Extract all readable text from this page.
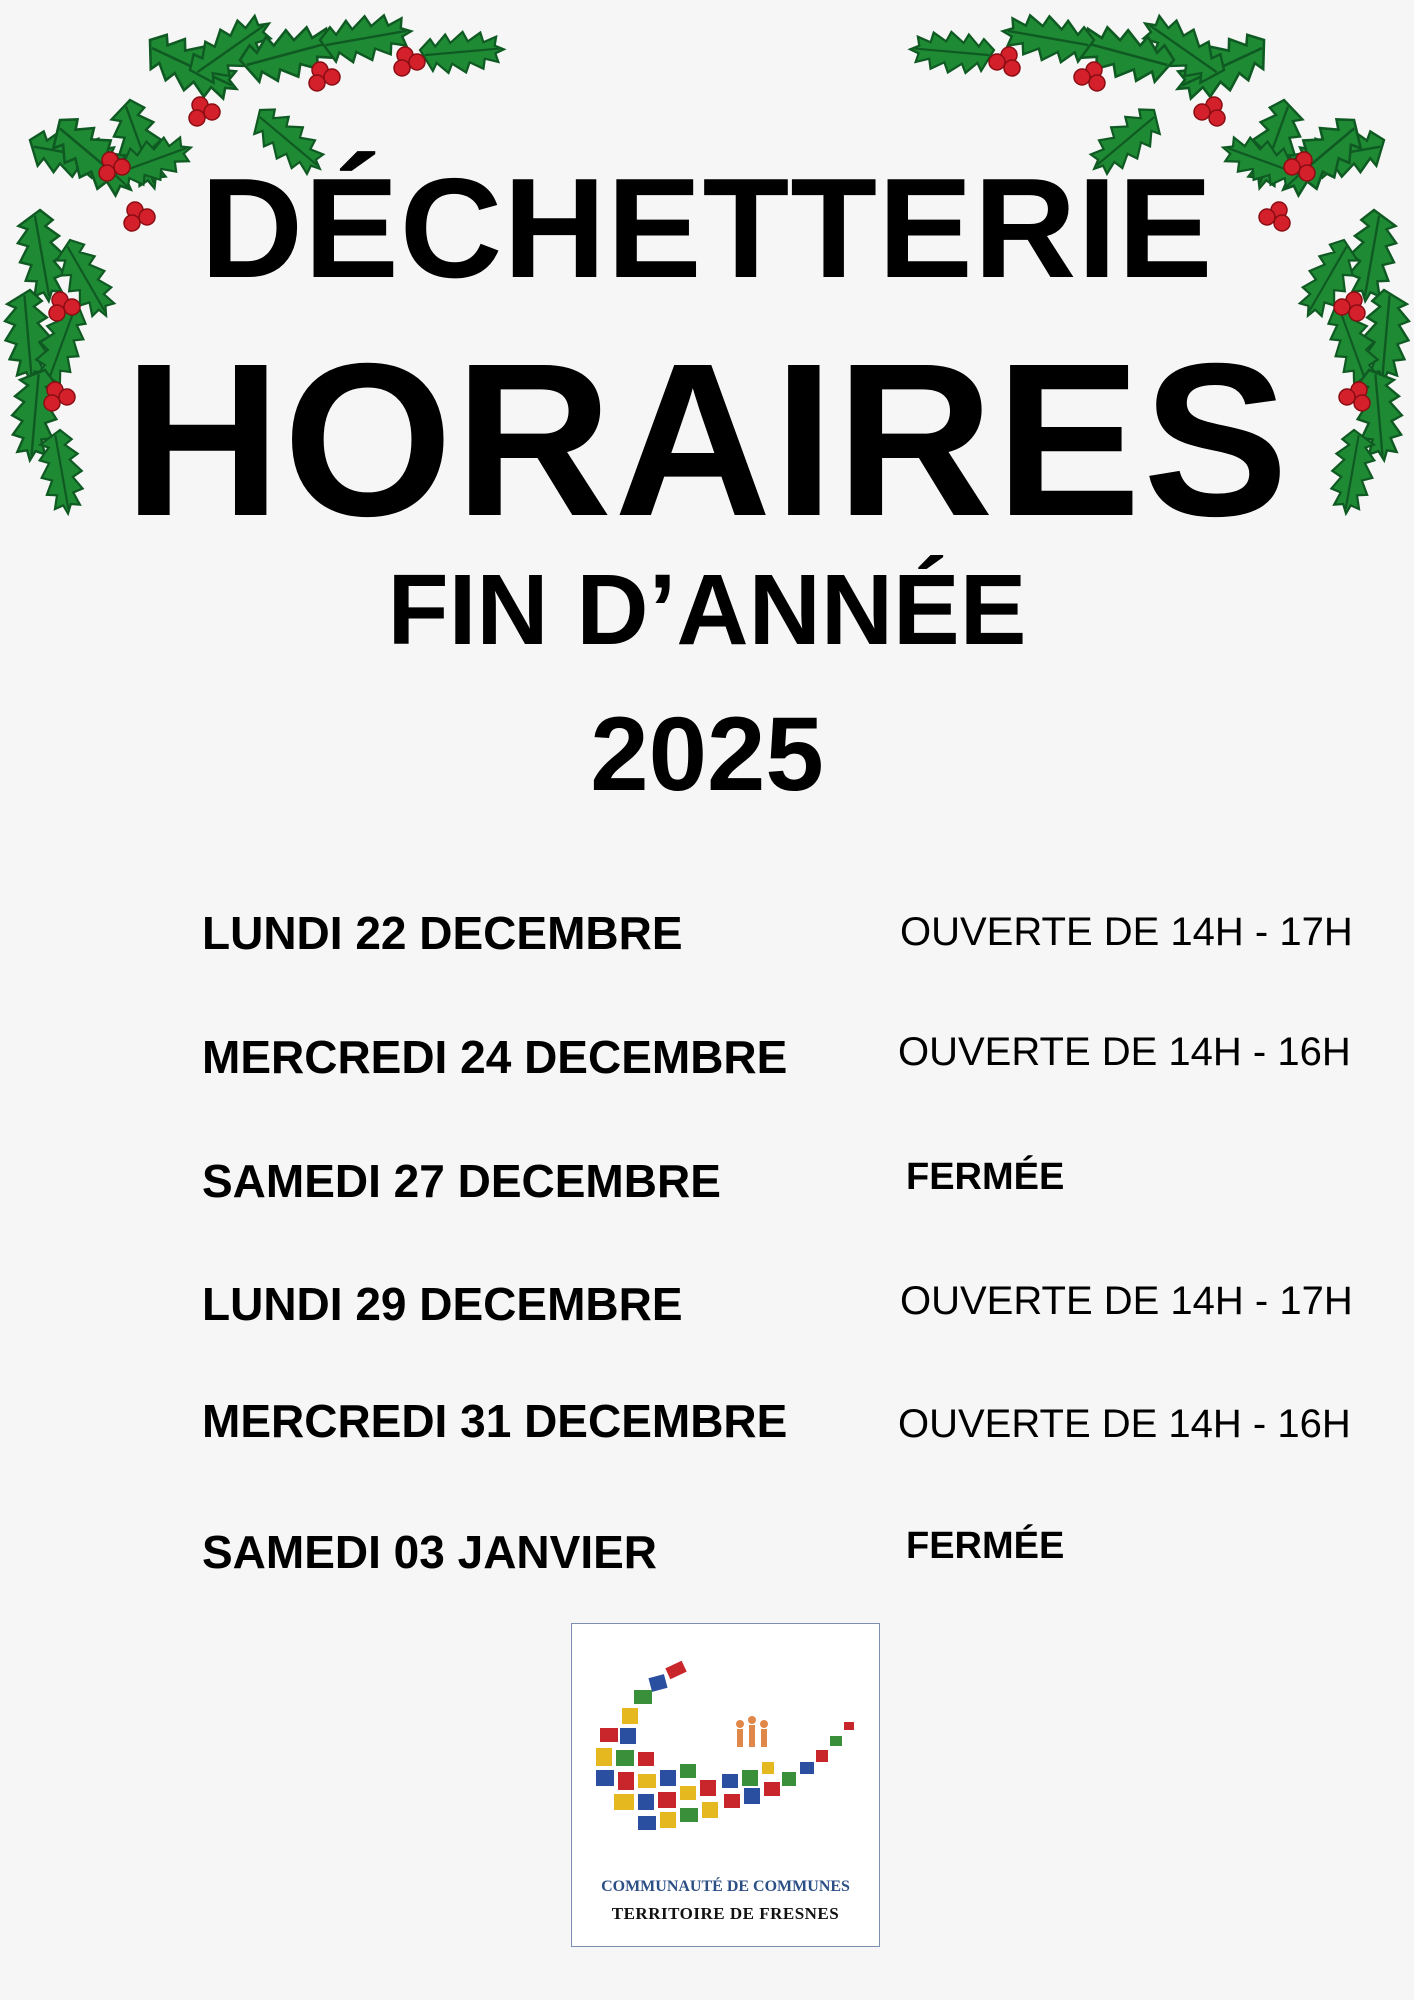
DÉCHETTERIE
HORAIRES
FIN D’ANNÉE
2025
LUNDI 22 DECEMBRE	OUVERTE DE 14H - 17H
MERCREDI 24 DECEMBRE	OUVERTE DE 14H - 16H
SAMEDI 27 DECEMBRE	FERMÉE
LUNDI 29 DECEMBRE	OUVERTE DE 14H - 17H
MERCREDI 31 DECEMBRE	OUVERTE DE 14H - 16H
SAMEDI 03 JANVIER	FERMÉE
COMMUNAUTÉ DE COMMUNES
TERRITOIRE DE FRESNES
